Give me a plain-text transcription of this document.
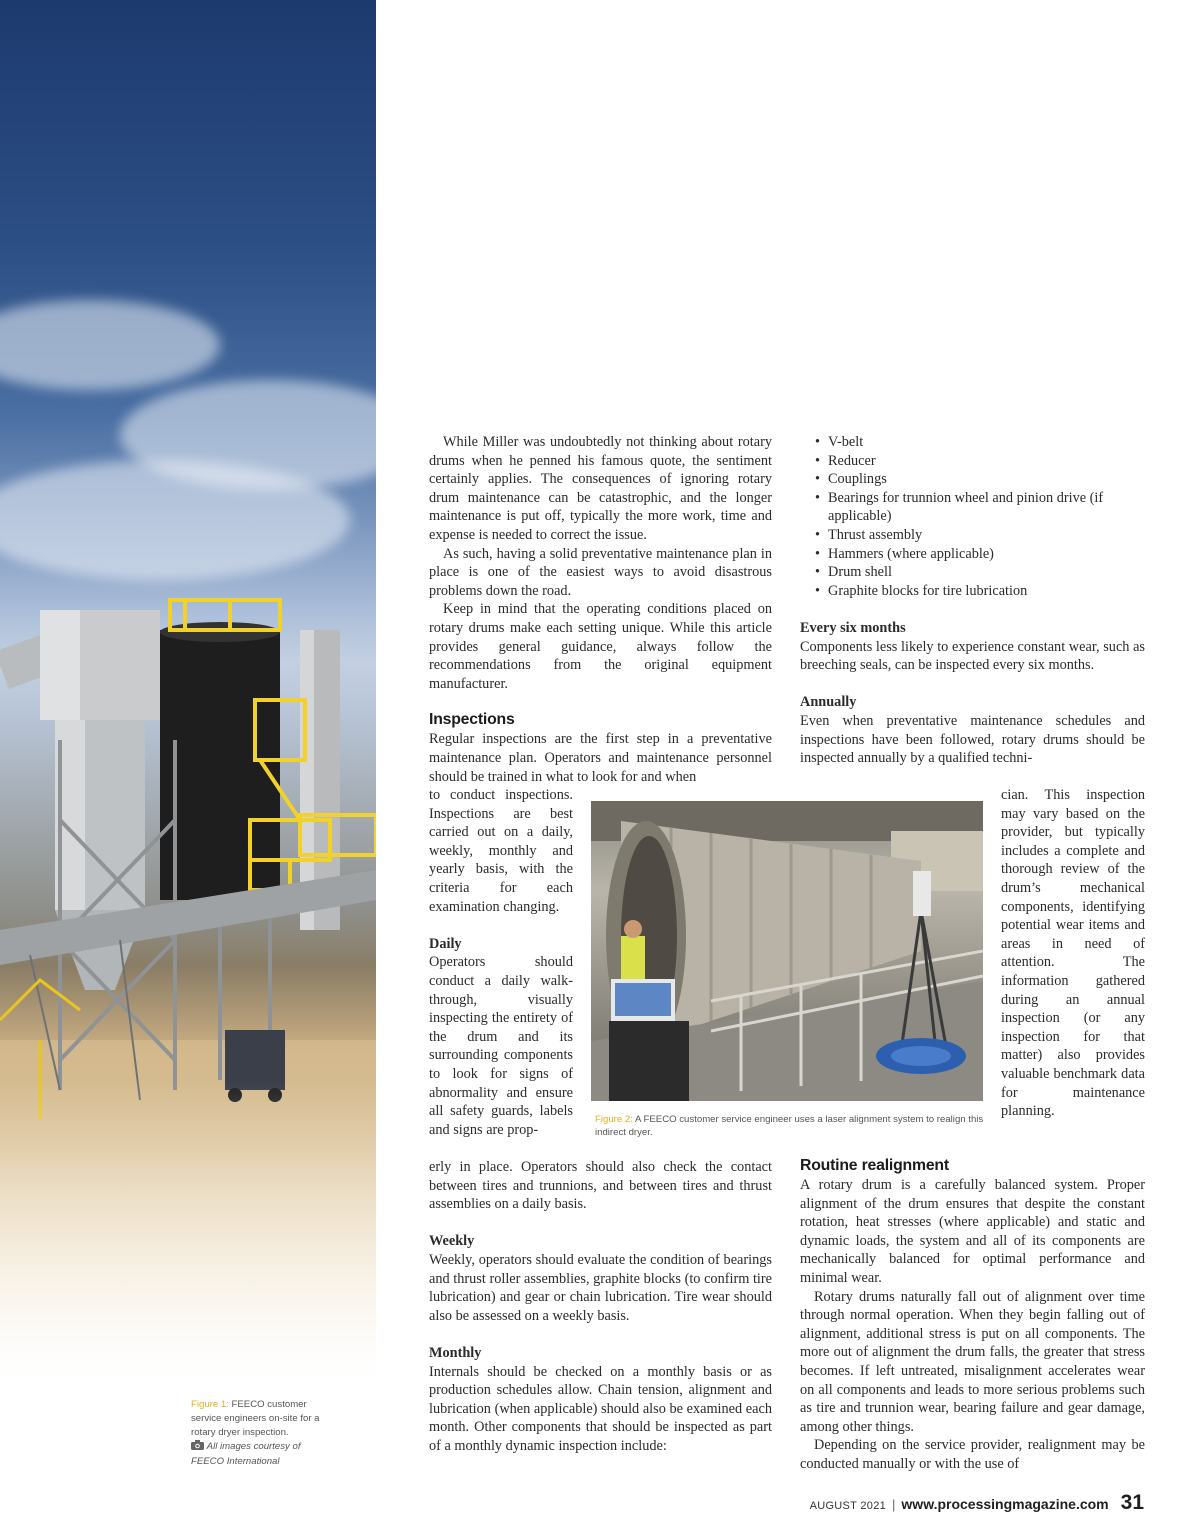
Figure 1: FEECO customer service engineers on-site for a rotary dryer inspection.
All images courtesy of FEECO International

While Miller was undoubtedly not thinking about rotary drums when he penned his famous quote, the sentiment certainly applies. The consequences of ignoring rotary drum maintenance can be catastrophic, and the longer maintenance is put off, typically the more work, time and expense is needed to correct the issue.

As such, having a solid preventative maintenance plan in place is one of the easiest ways to avoid disastrous problems down the road.

Keep in mind that the operating conditions placed on rotary drums make each setting unique. While this article provides general guidance, always follow the recommendations from the original equipment manufacturer.

Inspections

Regular inspections are the first step in a preventative maintenance plan. Operators and maintenance personnel should be trained in what to look for and when

to conduct inspections. Inspections are best carried out on a daily, weekly, monthly and yearly basis, with the criteria for each examination changing.

Daily

Operators should conduct a daily walk-through, visually inspecting the entirety of the drum and its surrounding components to look for signs of abnormality and ensure all safety guards, labels and signs are prop-

erly in place. Operators should also check the contact between tires and trunnions, and between tires and thrust assemblies on a daily basis.

Weekly

Weekly, operators should evaluate the condition of bearings and thrust roller assemblies, graphite blocks (to confirm tire lubrication) and gear or chain lubrication. Tire wear should also be assessed on a weekly basis.

Monthly

Internals should be checked on a monthly basis or as production schedules allow. Chain tension, alignment and lubrication (when applicable) should also be examined each month. Other components that should be inspected as part of a monthly dynamic inspection include:

• V-belt
• Reducer
• Couplings
• Bearings for trunnion wheel and pinion drive (if applicable)
• Thrust assembly
• Hammers (where applicable)
• Drum shell
• Graphite blocks for tire lubrication

Every six months

Components less likely to experience constant wear, such as breeching seals, can be inspected every six months.

Annually

Even when preventative maintenance schedules and inspections have been followed, rotary drums should be inspected annually by a qualified techni-

cian. This inspection may vary based on the provider, but typically includes a complete and thorough review of the drum’s mechanical components, identifying potential wear items and areas in need of attention. The information gathered during an annual inspection (or any inspection for that matter) also provides valuable benchmark data for maintenance planning.

Routine realignment

A rotary drum is a carefully balanced system. Proper alignment of the drum ensures that despite the constant rotation, heat stresses (where applicable) and static and dynamic loads, the system and all of its components are mechanically balanced for optimal performance and minimal wear.

Rotary drums naturally fall out of alignment over time through normal operation. When they begin falling out of alignment, additional stress is put on all components. The more out of alignment the drum falls, the greater that stress becomes. If left untreated, misalignment accelerates wear on all components and leads to more serious problems such as tire and trunnion wear, bearing failure and gear damage, among other things.

Depending on the service provider, realignment may be conducted manually or with the use of

Figure 2: A FEECO customer service engineer uses a laser alignment system to realign this indirect dryer.
AUGUST 2021 | www.processingmagazine.com 31
